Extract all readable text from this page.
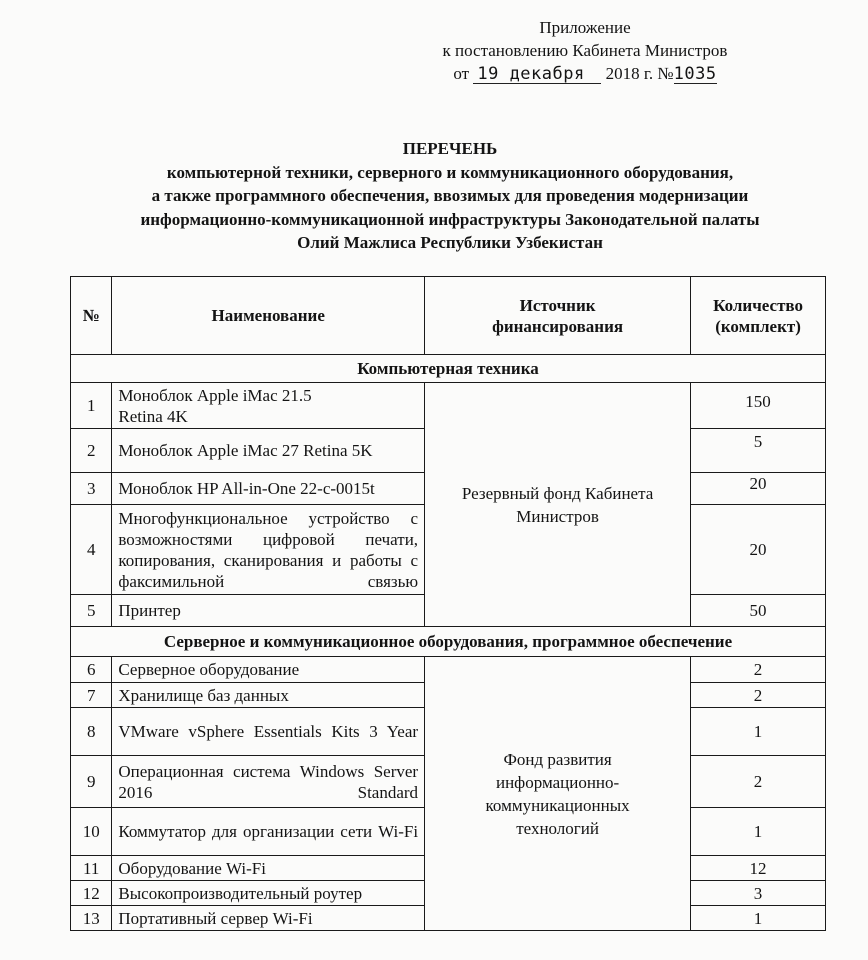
Приложение
к постановлению Кабинета Министров
от 19 декабря 2018 г. №1035
ПЕРЕЧЕНЬ
компьютерной техники, серверного и коммуникационного оборудования,
а также программного обеспечения, ввозимых для проведения модернизации
информационно-коммуникационной инфраструктуры Законодательной палаты
Олий Мажлиса Республики Узбекистан
№	Наименование	Источник финансирования	Количество (комплект)
Компьютерная техника			
1	Моноблок Apple iMac 21.5 Retina 4K	Резервный фонд Кабинета Министров	150
2	Моноблок Apple iMac 27 Retina 5K		5
3	Моноблок HP All-in-One 22-c-0015t		20
4	Многофункциональное устройство с возможностями цифровой печати, копирования, сканирования и работы с факсимильной связью		20
5	Принтер		50
Серверное и коммуникационное оборудования, программное обеспечение			
6	Серверное оборудование	Фонд развития информационно-коммуникационных технологий	2
7	Хранилище баз данных		2
8	VMware vSphere Essentials Kits 3 Year		1
9	Операционная система Windows Server 2016 Standard		2
10	Коммутатор для организации сети Wi-Fi		1
11	Оборудование Wi-Fi		12
12	Высокопроизводительный роутер		3
13	Портативный сервер Wi-Fi		1
